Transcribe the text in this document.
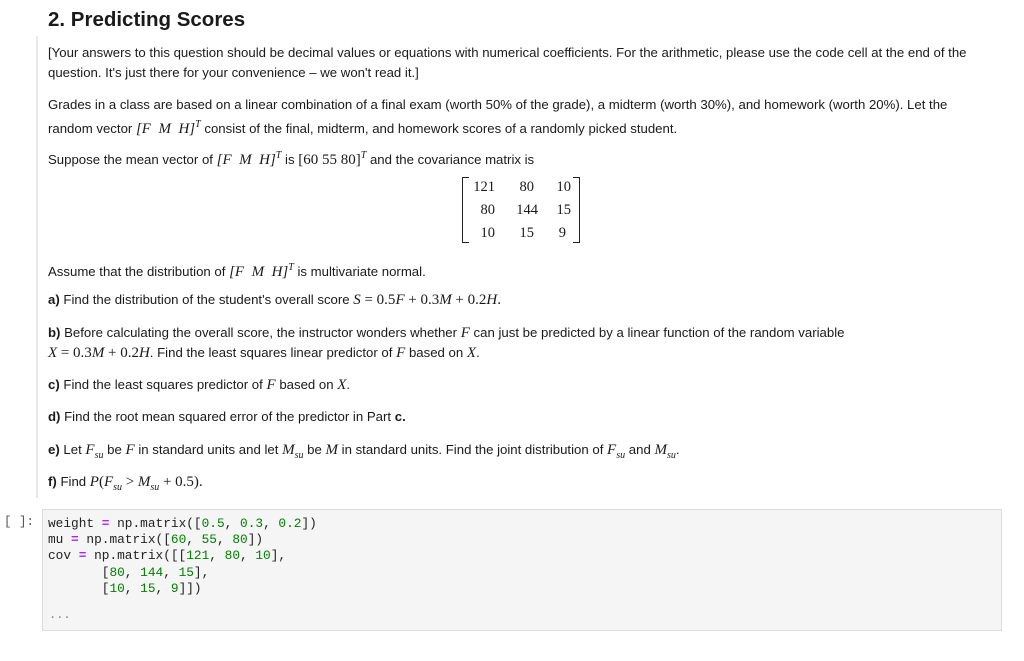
2. Predicting Scores
[Your answers to this question should be decimal values or equations with numerical coefficients. For the arithmetic, please use the code cell at the end of the
question. It's just there for your convenience – we won't read it.]
Grades in a class are based on a linear combination of a final exam (worth 50% of the grade), a midterm (worth 30%), and homework (worth 20%). Let the
random vector [F  M  H]$^T$ consist of the final, midterm, and homework scores of a randomly picked student.
Suppose the mean vector of [F  M  H]$^T$ is [60 55 80]$^T$ and the covariance matrix is
121	80	10
80	144	15
10	15	9
Assume that the distribution of [F  M  H]$^T$ is multivariate normal.
a) Find the distribution of the student's overall score S = 0.5F + 0.3M + 0.2H.
b) Before calculating the overall score, the instructor wonders whether F can just be predicted by a linear function of the random variable
X = 0.3M + 0.2H. Find the least squares linear predictor of F based on X.
c) Find the least squares predictor of F based on X.
d) Find the root mean squared error of the predictor in Part c.
e) Let $F_{su}$ be F in standard units and let $M_{su}$ be M in standard units. Find the joint distribution of $F_{su}$ and $M_{su}$.
f) Find $P(F_{su} > M_{su} + 0.5)$.
[ ]: weight = np.matrix([0.5, 0.3, 0.2])
mu = np.matrix([60, 55, 80])
cov = np.matrix([[121, 80, 10],
[80, 144, 15],
[10, 15, 9]])
...
